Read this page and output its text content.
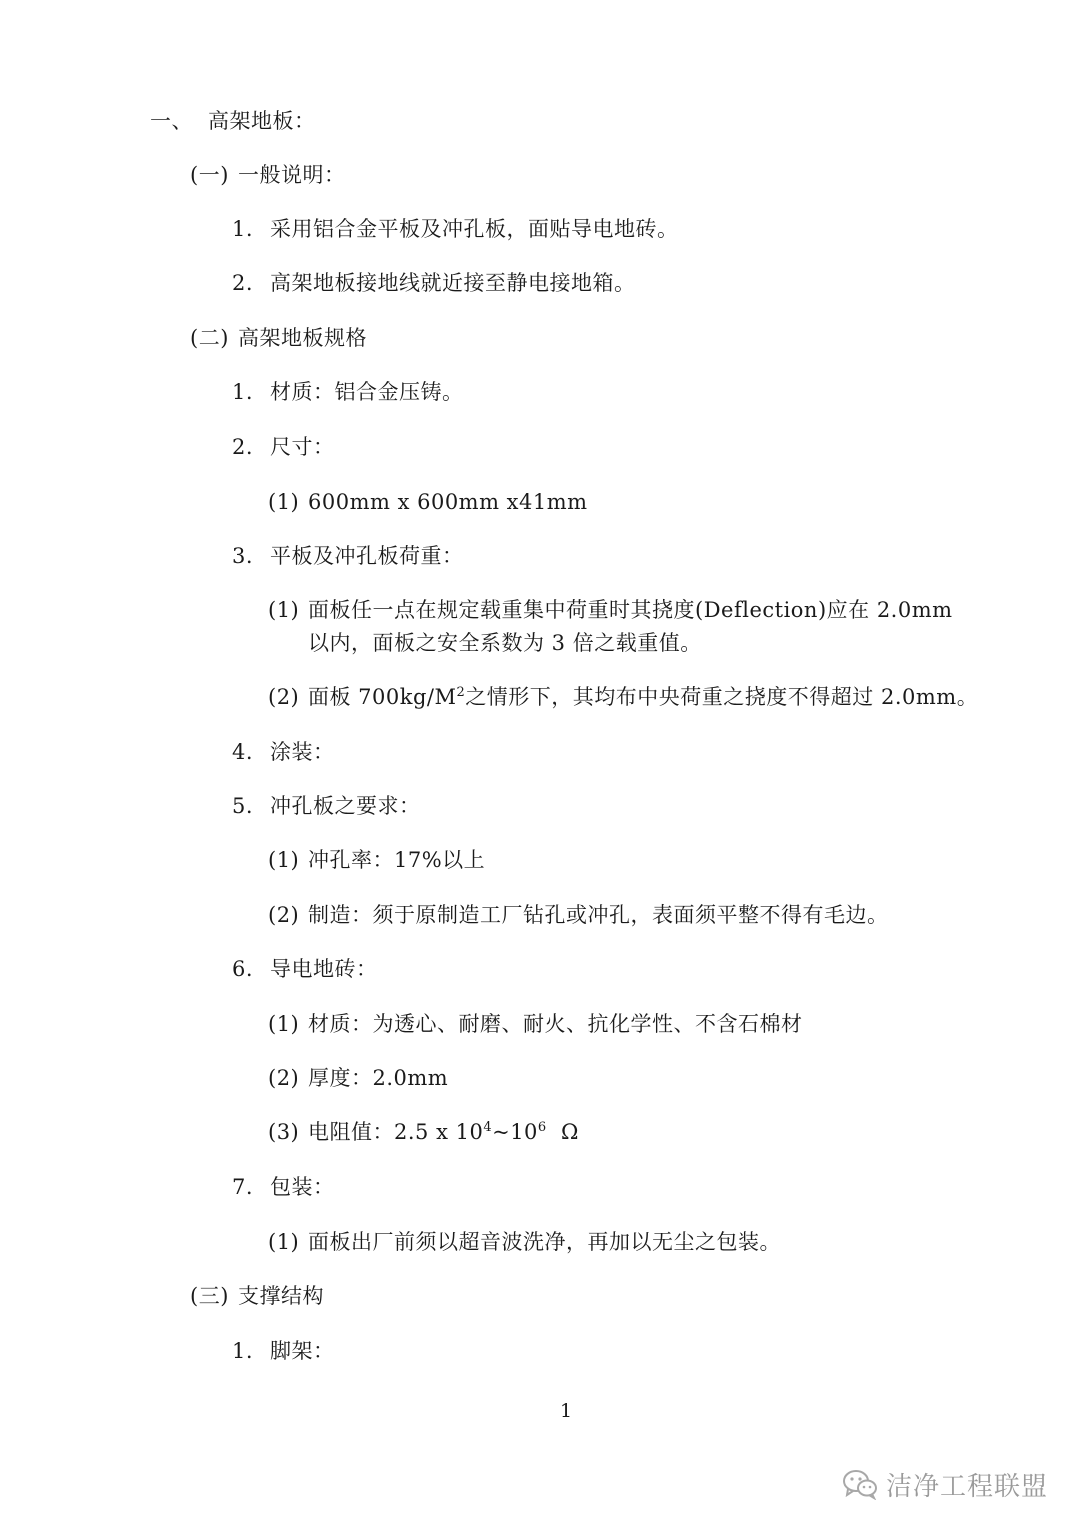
一、 高架地板：
(一) 一般说明：
1. 采用铝合金平板及冲孔板，面贴导电地砖。
2. 高架地板接地线就近接至静电接地箱。
(二) 高架地板规格
1. 材质：铝合金压铸。
2. 尺寸：
(1) 600mm x 600mm x41mm
3. 平板及冲孔板荷重：
(1) 面板任一点在规定载重集中荷重时其挠度(Deflection)应在 2.0mm
以内，面板之安全系数为 3 倍之载重值。
(2) 面板 $700kg/M^2$之情形下，其均布中央荷重之挠度不得超过 2.0mm。
4. 涂装：
5. 冲孔板之要求：
(1) 冲孔率：17%以上
(2) 制造：须于原制造工厂钻孔或冲孔，表面须平整不得有毛边。
6. 导电地砖：
(1) 材质：为透心、耐磨、耐火、抗化学性、不含石棉材
(2) 厚度：2.0mm
(3) 电阻值：2.5 x $10^4\sim 10^6$  Ω
7. 包装：
(1) 面板出厂前须以超音波洗净，再加以无尘之包装。
(三) 支撑结构
1. 脚架：
1
洁净工程联盟
